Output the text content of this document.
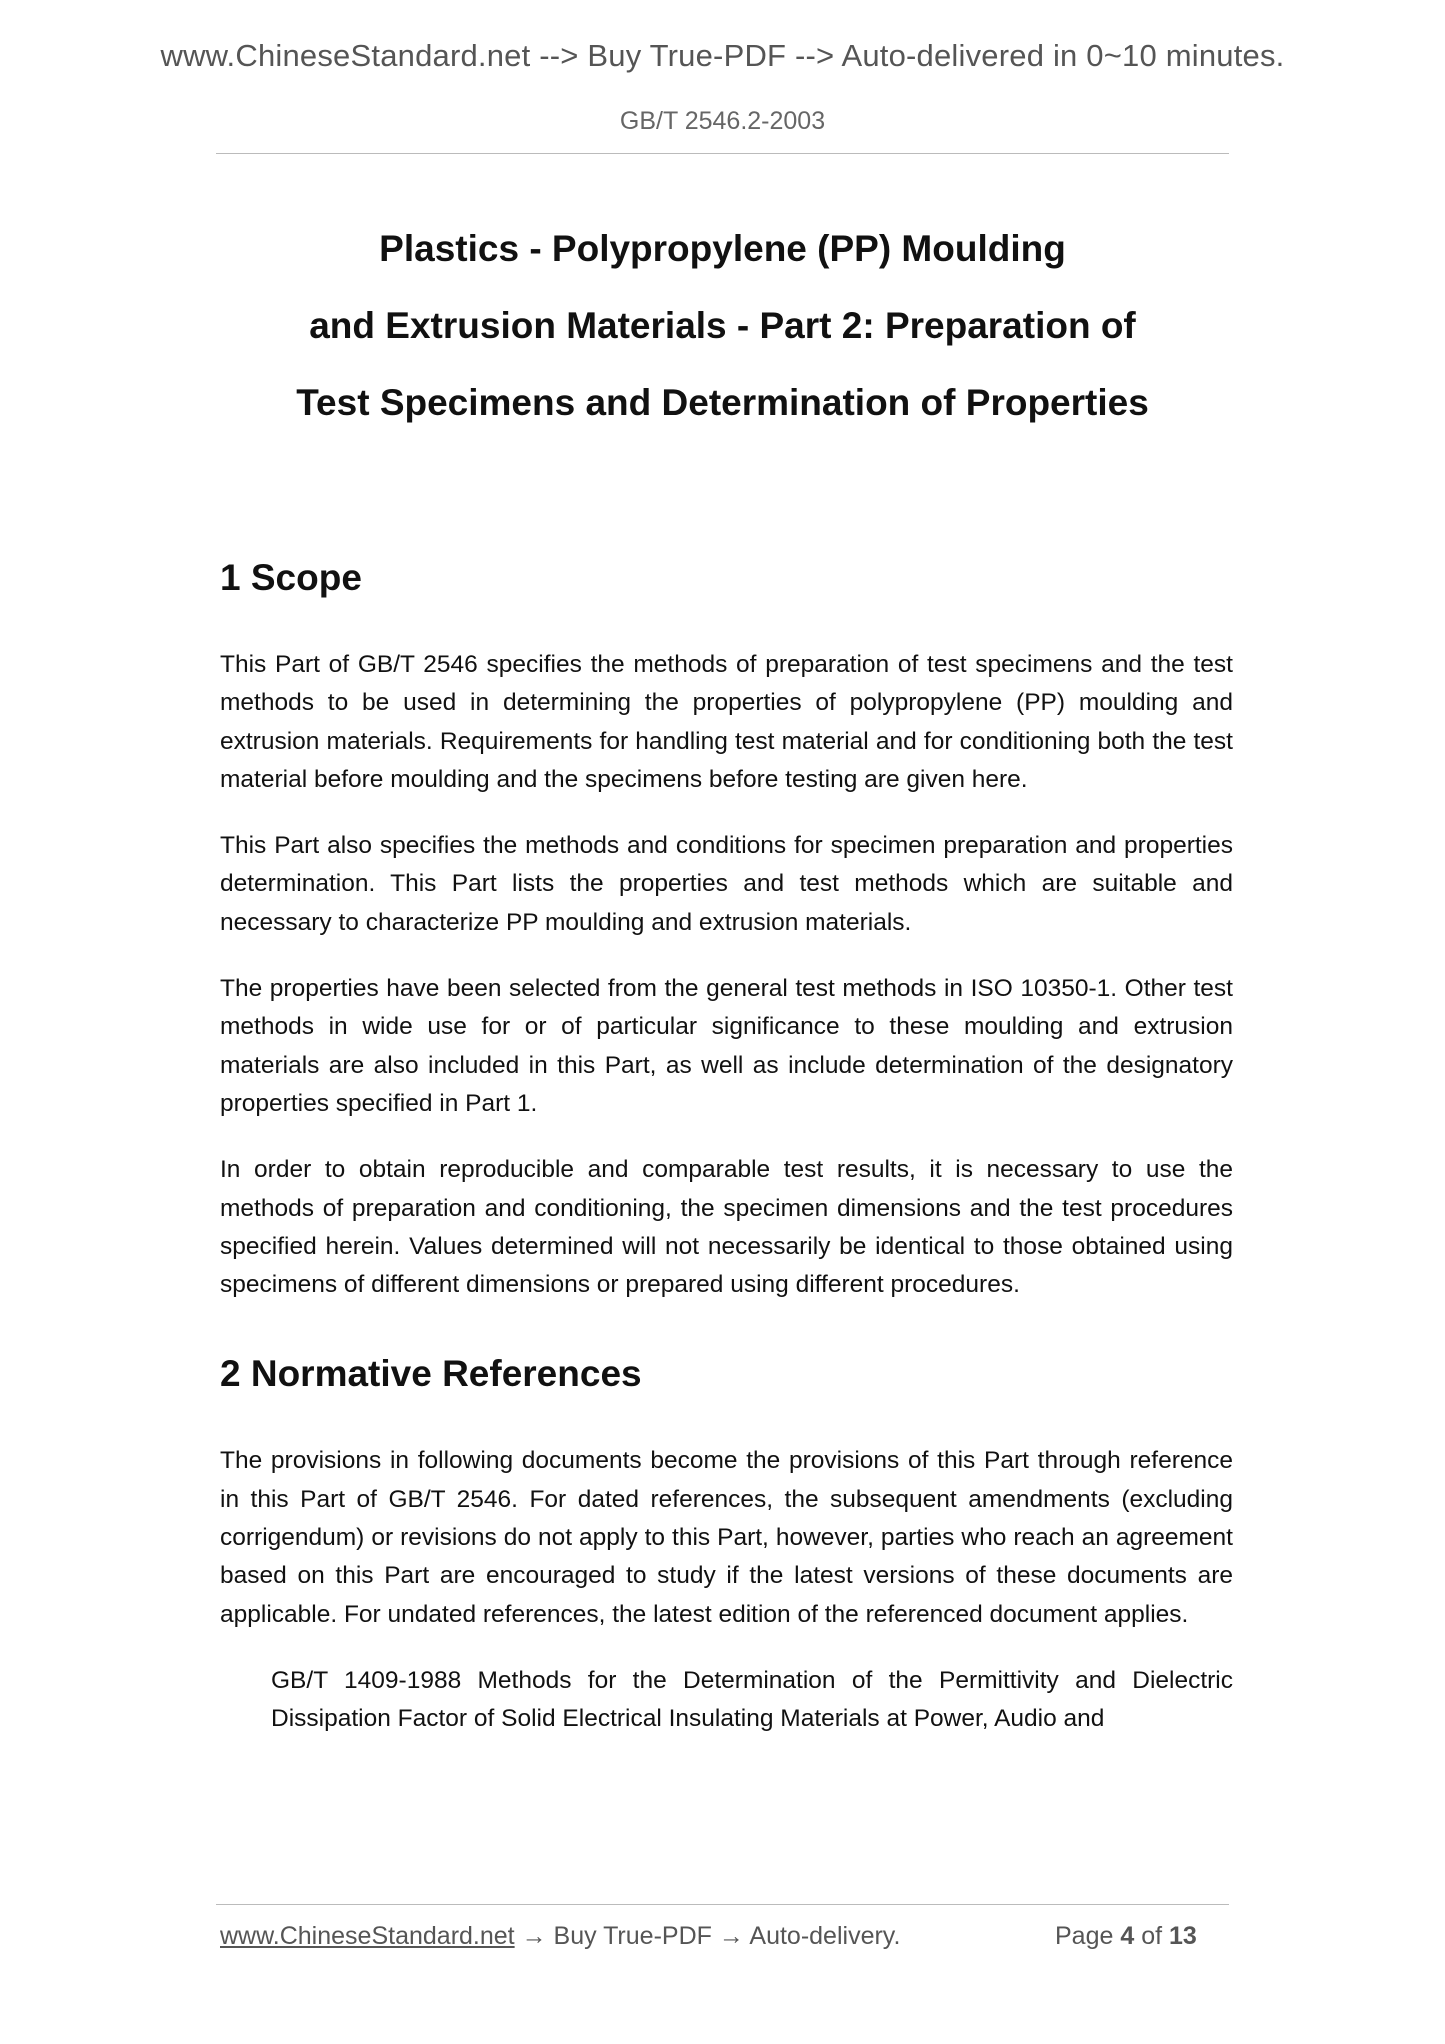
www.ChineseStandard.net --> Buy True-PDF --> Auto-delivered in 0~10 minutes.
GB/T 2546.2-2003
Plastics - Polypropylene (PP) Moulding
and Extrusion Materials - Part 2: Preparation of
Test Specimens and Determination of Properties
1 Scope

This Part of GB/T 2546 specifies the methods of preparation of test specimens and the test methods to be used in determining the properties of polypropylene (PP) moulding and extrusion materials. Requirements for handling test material and for conditioning both the test material before moulding and the specimens before testing are given here.

This Part also specifies the methods and conditions for specimen preparation and properties determination. This Part lists the properties and test methods which are suitable and necessary to characterize PP moulding and extrusion materials.

The properties have been selected from the general test methods in ISO 10350-1. Other test methods in wide use for or of particular significance to these moulding and extrusion materials are also included in this Part, as well as include determination of the designatory properties specified in Part 1.

In order to obtain reproducible and comparable test results, it is necessary to use the methods of preparation and conditioning, the specimen dimensions and the test procedures specified herein. Values determined will not necessarily be identical to those obtained using specimens of different dimensions or prepared using different procedures.

2 Normative References

The provisions in following documents become the provisions of this Part through reference in this Part of GB/T 2546. For dated references, the subsequent amendments (excluding corrigendum) or revisions do not apply to this Part, however, parties who reach an agreement based on this Part are encouraged to study if the latest versions of these documents are applicable. For undated references, the latest edition of the referenced document applies.

GB/T 1409-1988 Methods for the Determination of the Permittivity and Dielectric Dissipation Factor of Solid Electrical Insulating Materials at Power, Audio and

www.ChineseStandard.net → Buy True-PDF → Auto-delivery.	Page 4 of 13
